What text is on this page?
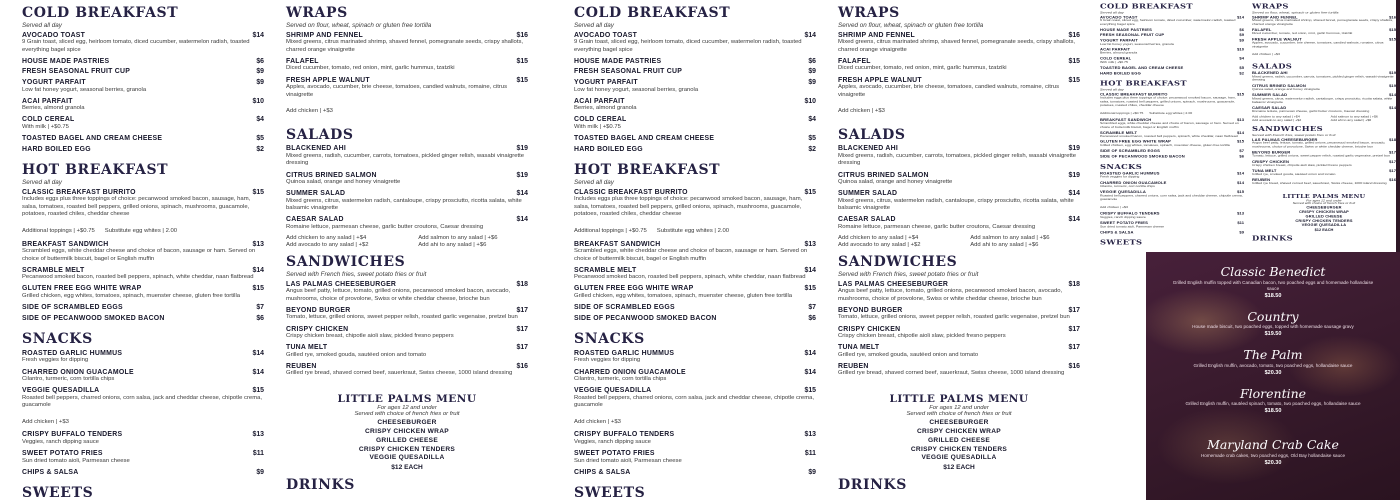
COLD BREAKFAST
Served all day
AVOCADO TOAST	$14
9 Grain toast, sliced egg, heirloom tomato, diced cucumber, watermelon radish, toasted everything bagel spice
HOUSE MADE PASTRIES	$6
FRESH SEASONAL FRUIT CUP	$9
YOGURT PARFAIT	$9
Low fat honey yogurt, seasonal berries, granola
ACAI PARFAIT	$10
Berries, almond granola
COLD CEREAL	$4
With milk | +$0.75
TOASTED BAGEL AND CREAM CHEESE	$5
HARD BOILED EGG	$2
HOT BREAKFAST
Served all day
CLASSIC BREAKFAST BURRITO	$15
Includes eggs plus three toppings of choice: pecanwood smoked bacon, sausage, ham, salsa, tomatoes, roasted bell peppers, grilled onions, spinach, mushrooms, guacamole, potatoes, roasted chiles, cheddar cheese
Additional toppings | +$0.75 Substitute egg whites | 2.00
BREAKFAST SANDWICH	$13
Scrambled eggs, white cheddar cheese and choice of bacon, sausage or ham. Served on choice of buttermilk biscuit, bagel or English muffin
SCRAMBLE MELT	$14
Pecanwood smoked bacon, roasted bell peppers, spinach, white cheddar, naan flatbread
GLUTEN FREE EGG WHITE WRAP	$15
Grilled chicken, egg whites, tomatoes, spinach, muenster cheese, gluten free tortilla
SIDE OF SCRAMBLED EGGS	$7
SIDE OF PECANWOOD SMOKED BACON	$6
SNACKS
ROASTED GARLIC HUMMUS	$14
Fresh veggies for dipping
CHARRED ONION GUACAMOLE	$14
Cilantro, turmeric, corn tortilla chips
VEGGIE QUESADILLA	$15
Roasted bell peppers, charred onions, corn salsa, jack and cheddar cheese, chipotle crema, guacamole
Add chicken | +$3
CRISPY BUFFALO TENDERS	$13
Veggies, ranch dipping sauce
SWEET POTATO FRIES	$11
Sun dried tomato aioli, Parmesan cheese
CHIPS & SALSA	$9
SWEETS
WRAPS
Served on flour, wheat, spinach or gluten free tortilla
SHRIMP AND FENNEL	$16
Mixed greens, citrus marinated shrimp, shaved fennel, pomegranate seeds, crispy shallots, charred orange vinaigrette
FALAFEL	$15
Diced cucumber, tomato, red onion, mint, garlic hummus, tzatziki
FRESH APPLE WALNUT	$15
Apples, avocado, cucumber, brie cheese, tomatoes, candied walnuts, romaine, citrus vinaigrette
Add chicken | +$3
SALADS
BLACKENED AHI	$19
Mixed greens, radish, cucumber, carrots, tomatoes, pickled ginger relish, wasabi vinaigrette dressing
CITRUS BRINED SALMON	$19
Quinoa salad, orange and honey vinaigrette
SUMMER SALAD	$14
Mixed greens, citrus, watermelon radish, cantaloupe, crispy prosciutto, ricotta salata, white balsamic vinaigrette
CAESAR SALAD	$14
Romaine lettuce, parmesan cheese, garlic butter croutons, Caesar dressing
Add chicken to any salad | +$4	Add salmon to any salad | +$6
Add avocado to any salad | +$2	Add ahi to any salad | +$6
SANDWICHES
Served with French fries, sweet potato fries or fruit
LAS PALMAS CHEESEBURGER	$18
Angus beef patty, lettuce, tomato, grilled onions, pecanwood smoked bacon, avocado, mushrooms, choice of provolone, Swiss or white cheddar cheese, brioche bun
BEYOND BURGER	$17
Tomato, lettuce, grilled onions, sweet pepper relish, roasted garlic vegenaise, pretzel bun
CRISPY CHICKEN	$17
Crispy chicken breast, chipotle aioli slaw, pickled fresno peppers
TUNA MELT	$17
Grilled rye, smoked gouda, sautéed onion and tomato
REUBEN	$16
Grilled rye bread, shaved corned beef, sauerkraut, Swiss cheese, 1000 island dressing
LITTLE PALMS MENU
For ages 12 and under
Served with choice of french fries or fruit
CHEESEBURGER
CRISPY CHICKEN WRAP
GRILLED CHEESE
CRISPY CHICKEN TENDERS
VEGGIE QUESADILLA
$12 EACH
DRINKS
COLD BREAKFAST
Served all day
AVOCADO TOAST	$14
9 Grain toast, sliced egg, heirloom tomato, diced cucumber, watermelon radish, toasted everything bagel spice
HOUSE MADE PASTRIES	$6
FRESH SEASONAL FRUIT CUP	$9
YOGURT PARFAIT	$9
Low fat honey yogurt, seasonal berries, granola
ACAI PARFAIT	$10
Berries, almond granola
COLD CEREAL	$4
With milk | +$0.75
TOASTED BAGEL AND CREAM CHEESE	$5
HARD BOILED EGG	$2
HOT BREAKFAST
Served all day
CLASSIC BREAKFAST BURRITO	$15
Includes eggs plus three toppings of choice: pecanwood smoked bacon, sausage, ham, salsa, tomatoes, roasted bell peppers, grilled onions, spinach, mushrooms, guacamole, potatoes, roasted chiles, cheddar cheese
Additional toppings | +$0.75 Substitute egg whites | 2.00
BREAKFAST SANDWICH	$13
Scrambled eggs, white cheddar cheese and choice of bacon, sausage or ham. Served on choice of buttermilk biscuit, bagel or English muffin
SCRAMBLE MELT	$14
Pecanwood smoked bacon, roasted bell peppers, spinach, white cheddar, naan flatbread
GLUTEN FREE EGG WHITE WRAP	$15
Grilled chicken, egg whites, tomatoes, spinach, muenster cheese, gluten free tortilla
SIDE OF SCRAMBLED EGGS	$7
SIDE OF PECANWOOD SMOKED BACON	$6
SNACKS
ROASTED GARLIC HUMMUS	$14
Fresh veggies for dipping
CHARRED ONION GUACAMOLE	$14
Cilantro, turmeric, corn tortilla chips
VEGGIE QUESADILLA	$15
Roasted bell peppers, charred onions, corn salsa, jack and cheddar cheese, chipotle crema, guacamole
Add chicken | +$3
CRISPY BUFFALO TENDERS	$13
Veggies, ranch dipping sauce
SWEET POTATO FRIES	$11
Sun dried tomato aioli, Parmesan cheese
CHIPS & SALSA	$9
SWEETS
WRAPS
Served on flour, wheat, spinach or gluten free tortilla
SHRIMP AND FENNEL	$16
Mixed greens, citrus marinated shrimp, shaved fennel, pomegranate seeds, crispy shallots, charred orange vinaigrette
FALAFEL	$15
Diced cucumber, tomato, red onion, mint, garlic hummus, tzatziki
FRESH APPLE WALNUT	$15
Apples, avocado, cucumber, brie cheese, tomatoes, candied walnuts, romaine, citrus vinaigrette
Add chicken | +$3
SALADS
BLACKENED AHI	$19
Mixed greens, radish, cucumber, carrots, tomatoes, pickled ginger relish, wasabi vinaigrette dressing
CITRUS BRINED SALMON	$19
Quinoa salad, orange and honey vinaigrette
SUMMER SALAD	$14
Mixed greens, citrus, watermelon radish, cantaloupe, crispy prosciutto, ricotta salata, white balsamic vinaigrette
CAESAR SALAD	$14
Romaine lettuce, parmesan cheese, garlic butter croutons, Caesar dressing
Add chicken to any salad | +$4	Add salmon to any salad | +$6
Add avocado to any salad | +$2	Add ahi to any salad | +$6
SANDWICHES
Served with French fries, sweet potato fries or fruit
LAS PALMAS CHEESEBURGER	$18
Angus beef patty, lettuce, tomato, grilled onions, pecanwood smoked bacon, avocado, mushrooms, choice of provolone, Swiss or white cheddar cheese, brioche bun
BEYOND BURGER	$17
Tomato, lettuce, grilled onions, sweet pepper relish, roasted garlic vegenaise, pretzel bun
CRISPY CHICKEN	$17
Crispy chicken breast, chipotle aioli slaw, pickled fresno peppers
TUNA MELT	$17
Grilled rye, smoked gouda, sautéed onion and tomato
REUBEN	$16
Grilled rye bread, shaved corned beef, sauerkraut, Swiss cheese, 1000 island dressing
LITTLE PALMS MENU
For ages 12 and under
Served with choice of french fries or fruit
CHEESEBURGER
CRISPY CHICKEN WRAP
GRILLED CHEESE
CRISPY CHICKEN TENDERS
VEGGIE QUESADILLA
$12 EACH
DRINKS
COLD BREAKFAST
Served all day
AVOCADO TOAST	$14
9 Grain toast, sliced egg, heirloom tomato, diced cucumber, watermelon radish, toasted everything bagel spice
HOUSE MADE PASTRIES	$6
FRESH SEASONAL FRUIT CUP	$9
YOGURT PARFAIT	$9
Low fat honey yogurt, seasonal berries, granola
ACAI PARFAIT	$10
Berries, almond granola
COLD CEREAL	$4
With milk | +$0.75
TOASTED BAGEL AND CREAM CHEESE	$5
HARD BOILED EGG	$2
HOT BREAKFAST
Served all day
CLASSIC BREAKFAST BURRITO	$15
Includes eggs plus three toppings of choice: pecanwood smoked bacon, sausage, ham, salsa, tomatoes, roasted bell peppers, grilled onions, spinach, mushrooms, guacamole, potatoes, roasted chiles, cheddar cheese
Additional toppings | +$0.75 Substitute egg whites | 2.00
BREAKFAST SANDWICH	$13
Scrambled eggs, white cheddar cheese and choice of bacon, sausage or ham. Served on choice of buttermilk biscuit, bagel or English muffin
SCRAMBLE MELT	$14
Pecanwood smoked bacon, roasted bell peppers, spinach, white cheddar, naan flatbread
GLUTEN FREE EGG WHITE WRAP	$15
Grilled chicken, egg whites, tomatoes, spinach, muenster cheese, gluten free tortilla
SIDE OF SCRAMBLED EGGS	$7
SIDE OF PECANWOOD SMOKED BACON	$6
SNACKS
ROASTED GARLIC HUMMUS	$14
Fresh veggies for dipping
CHARRED ONION GUACAMOLE	$14
Cilantro, turmeric, corn tortilla chips
VEGGIE QUESADILLA	$15
Roasted bell peppers, charred onions, corn salsa, jack and cheddar cheese, chipotle crema, guacamole
Add chicken | +$3
CRISPY BUFFALO TENDERS	$13
Veggies, ranch dipping sauce
SWEET POTATO FRIES	$11
Sun dried tomato aioli, Parmesan cheese
CHIPS & SALSA	$9
SWEETS
WRAPS
Served on flour, wheat, spinach or gluten free tortilla
SHRIMP AND FENNEL	$16
Mixed greens, citrus marinated shrimp, shaved fennel, pomegranate seeds, crispy shallots, charred orange vinaigrette
FALAFEL	$15
Diced cucumber, tomato, red onion, mint, garlic hummus, tzatziki
FRESH APPLE WALNUT	$15
Apples, avocado, cucumber, brie cheese, tomatoes, candied walnuts, romaine, citrus vinaigrette
Add chicken | +$3
SALADS
BLACKENED AHI	$19
Mixed greens, radish, cucumber, carrots, tomatoes, pickled ginger relish, wasabi vinaigrette dressing
CITRUS BRINED SALMON	$19
Quinoa salad, orange and honey vinaigrette
SUMMER SALAD	$14
Mixed greens, citrus, watermelon radish, cantaloupe, crispy prosciutto, ricotta salata, white balsamic vinaigrette
CAESAR SALAD	$14
Romaine lettuce, parmesan cheese, garlic butter croutons, Caesar dressing
Add chicken to any salad | +$4	Add salmon to any salad | +$6
Add avocado to any salad | +$2	Add ahi to any salad | +$6
SANDWICHES
Served with French fries, sweet potato fries or fruit
LAS PALMAS CHEESEBURGER	$18
Angus beef patty, lettuce, tomato, grilled onions, pecanwood smoked bacon, avocado, mushrooms, choice of provolone, Swiss or white cheddar cheese, brioche bun
BEYOND BURGER	$17
Tomato, lettuce, grilled onions, sweet pepper relish, roasted garlic vegenaise, pretzel bun
CRISPY CHICKEN	$17
Crispy chicken breast, chipotle aioli slaw, pickled fresno peppers
TUNA MELT	$17
Grilled rye, smoked gouda, sautéed onion and tomato
REUBEN	$16
Grilled rye bread, shaved corned beef, sauerkraut, Swiss cheese, 1000 island dressing
LITTLE PALMS MENU
For ages 12 and under
Served with choice of french fries or fruit
CHEESEBURGER
CRISPY CHICKEN WRAP
GRILLED CHEESE
CRISPY CHICKEN TENDERS
VEGGIE QUESADILLA
$12 EACH
DRINKS
Classic Benedict
Grilled English muffin topped with Canadian bacon, two poached eggs and homemade hollandaise sauce
$18.50
Country
House made biscuit, two poached eggs, topped with homemade sausage gravy
$19.50
The Palm
Grilled English muffin, avocado, tomato, two poached eggs, hollandaise sauce
$20.30
Florentine
Grilled English muffin, sautéed spinach, tomato, two poached eggs, hollandaise sauce
$18.50
Maryland Crab Cake
Homemade crab cakes, two poached eggs, Old Bay hollandaise sauce
$20.30
